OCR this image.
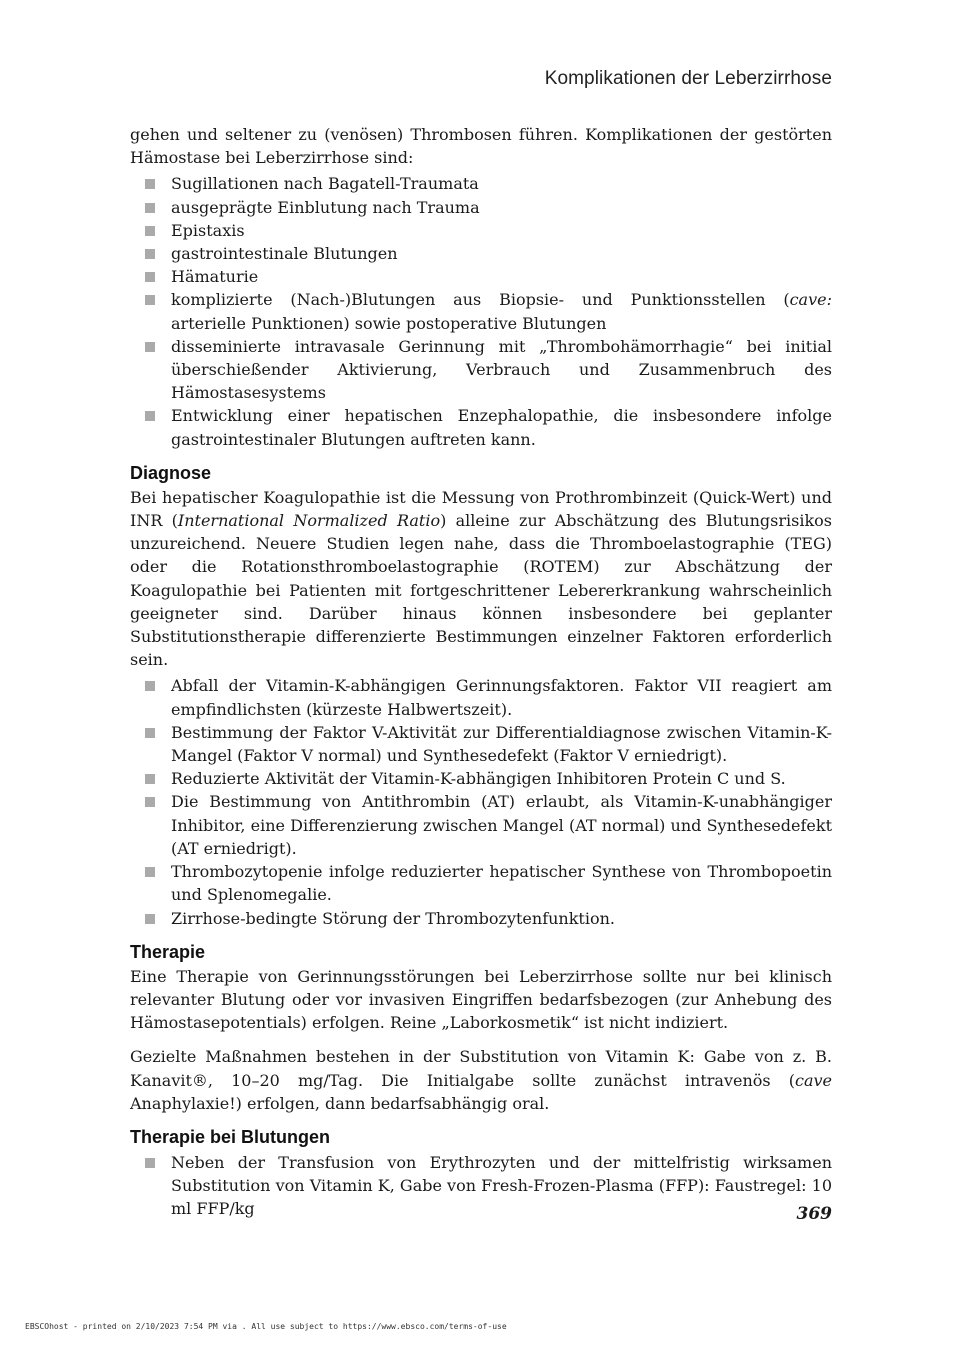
Komplikationen der Leberzirrhose

gehen und seltener zu (venösen) Thrombosen führen. Komplikationen der gestörten Hämostase bei Leberzirrhose sind:

Sugillationen nach Bagatell-Traumata
ausgeprägte Einblutung nach Trauma
Epistaxis
gastrointestinale Blutungen
Hämaturie
komplizierte (Nach-)Blutungen aus Biopsie- und Punktionsstellen (cave: arterielle Punktionen) sowie postoperative Blutungen
disseminierte intravasale Gerinnung mit „Thrombohämorrhagie“ bei initial überschießender Aktivierung, Verbrauch und Zusammenbruch des Hämostasesystems
Entwicklung einer hepatischen Enzephalopathie, die insbesondere infolge gastrointestinaler Blutungen auftreten kann.
Diagnose

Bei hepatischer Koagulopathie ist die Messung von Prothrombinzeit (Quick-Wert) und INR (International Normalized Ratio) alleine zur Abschätzung des Blutungsrisikos unzureichend. Neuere Studien legen nahe, dass die Thromboelastographie (TEG) oder die Rotationsthromboelastographie (ROTEM) zur Abschätzung der Koagulopathie bei Patienten mit fortgeschrittener Lebererkrankung wahrscheinlich geeigneter sind. Darüber hinaus können insbesondere bei geplanter Substitutionstherapie differenzierte Bestimmungen einzelner Faktoren erforderlich sein.

Abfall der Vitamin-K-abhängigen Gerinnungsfaktoren. Faktor VII reagiert am empfindlichsten (kürzeste Halbwertszeit).
Bestimmung der Faktor V-Aktivität zur Differentialdiagnose zwischen Vitamin-K-Mangel (Faktor V normal) und Synthesedefekt (Faktor V erniedrigt).
Reduzierte Aktivität der Vitamin-K-abhängigen Inhibitoren Protein C und S.
Die Bestimmung von Antithrombin (AT) erlaubt, als Vitamin-K-unabhängiger Inhibitor, eine Differenzierung zwischen Mangel (AT normal) und Synthesedefekt (AT erniedrigt).
Thrombozytopenie infolge reduzierter hepatischer Synthese von Thrombopoetin und Splenomegalie.
Zirrhose-bedingte Störung der Thrombozytenfunktion.
Therapie

Eine Therapie von Gerinnungsstörungen bei Leberzirrhose sollte nur bei klinisch relevanter Blutung oder vor invasiven Eingriffen bedarfsbezogen (zur Anhebung des Hämostasepotentials) erfolgen. Reine „Laborkosmetik“ ist nicht indiziert.

Gezielte Maßnahmen bestehen in der Substitution von Vitamin K: Gabe von z. B. Kanavit®, 10–20 mg/Tag. Die Initialgabe sollte zunächst intravenös (cave Anaphylaxie!) erfolgen, dann bedarfsabhängig oral.

Therapie bei Blutungen
Neben der Transfusion von Erythrozyten und der mittelfristig wirksamen Substitution von Vitamin K, Gabe von Fresh-Frozen-Plasma (FFP): Faustregel: 10 ml FFP/kg	369
EBSCOhost - printed on 2/10/2023 7:54 PM via . All use subject to https://www.ebsco.com/terms-of-use
